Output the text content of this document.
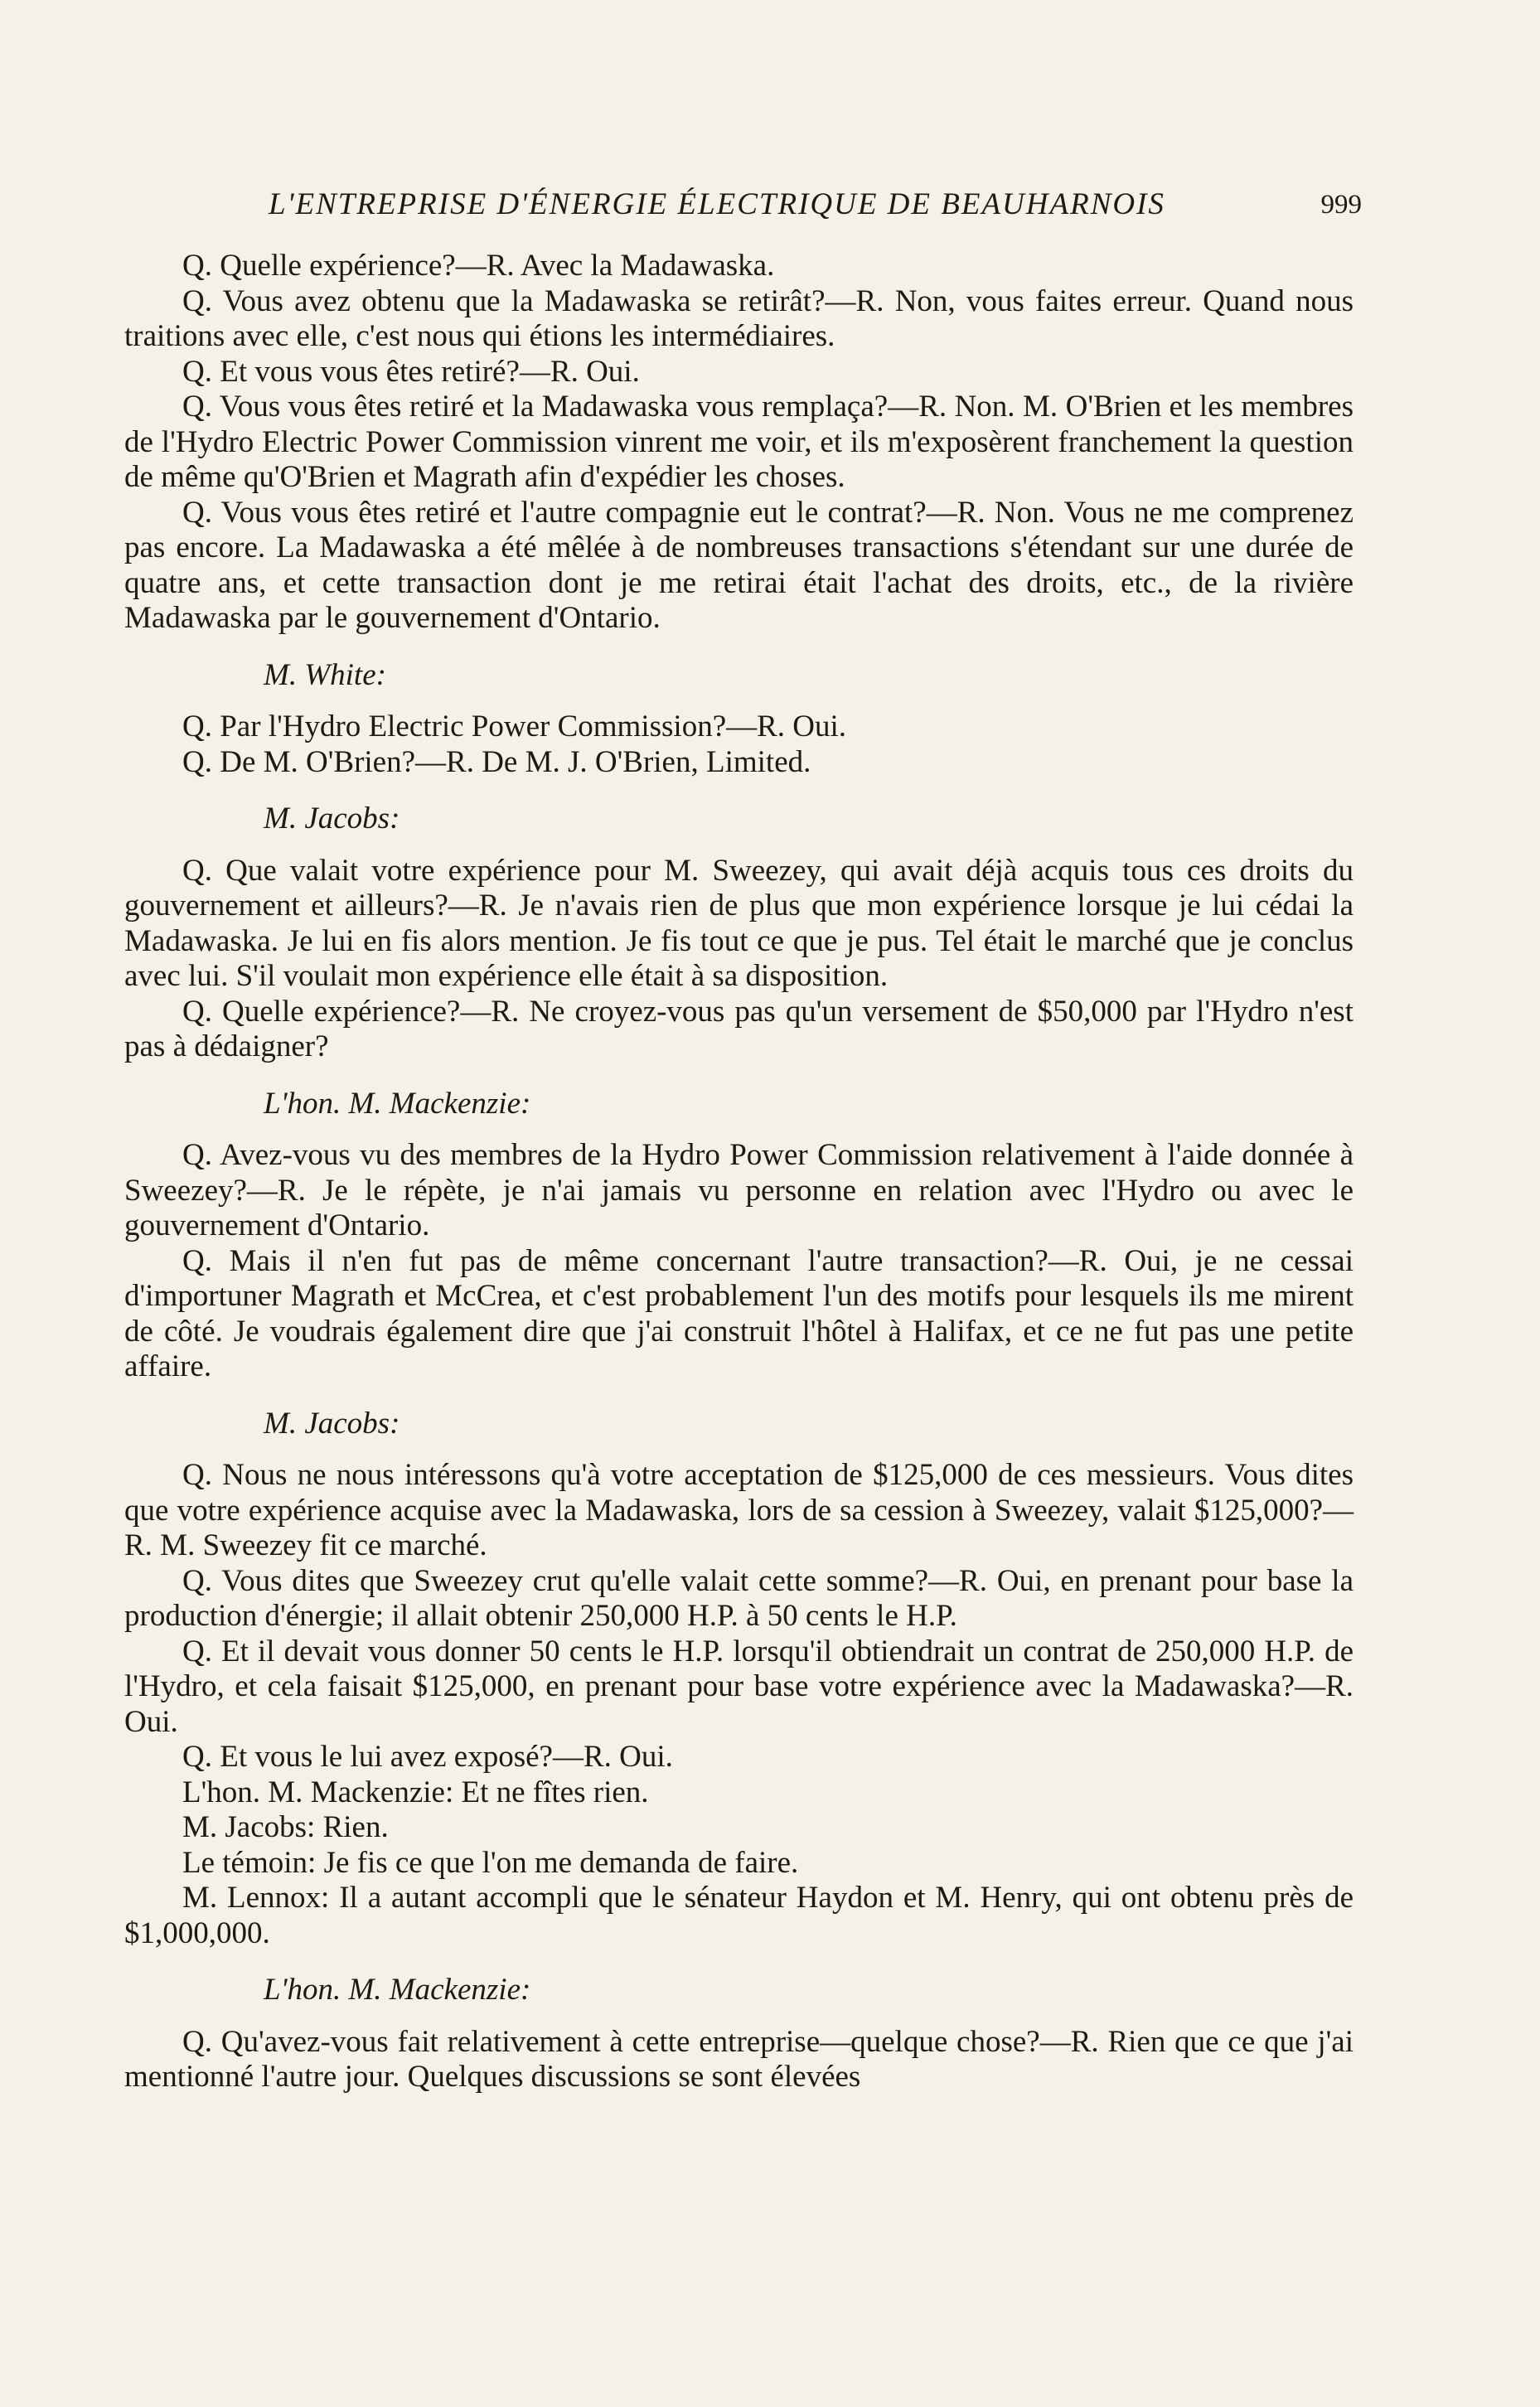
L'ENTREPRISE D'ÉNERGIE ÉLECTRIQUE DE BEAUHARNOIS	999

Q. Quelle expérience?—R. Avec la Madawaska.

Q. Vous avez obtenu que la Madawaska se retirât?—R. Non, vous faites erreur. Quand nous traitions avec elle, c'est nous qui étions les intermédiaires.

Q. Et vous vous êtes retiré?—R. Oui.

Q. Vous vous êtes retiré et la Madawaska vous remplaça?—R. Non. M. O'Brien et les membres de l'Hydro Electric Power Commission vinrent me voir, et ils m'exposèrent franchement la question de même qu'O'Brien et Magrath afin d'expédier les choses.

Q. Vous vous êtes retiré et l'autre compagnie eut le contrat?—R. Non. Vous ne me comprenez pas encore. La Madawaska a été mêlée à de nombreuses transactions s'étendant sur une durée de quatre ans, et cette transaction dont je me retirai était l'achat des droits, etc., de la rivière Madawaska par le gouvernement d'Ontario.

M. White:

Q. Par l'Hydro Electric Power Commission?—R. Oui.

Q. De M. O'Brien?—R. De M. J. O'Brien, Limited.

M. Jacobs:

Q. Que valait votre expérience pour M. Sweezey, qui avait déjà acquis tous ces droits du gouvernement et ailleurs?—R. Je n'avais rien de plus que mon expérience lorsque je lui cédai la Madawaska. Je lui en fis alors mention. Je fis tout ce que je pus. Tel était le marché que je conclus avec lui. S'il voulait mon expérience elle était à sa disposition.

Q. Quelle expérience?—R. Ne croyez-vous pas qu'un versement de $50,000 par l'Hydro n'est pas à dédaigner?

L'hon. M. Mackenzie:

Q. Avez-vous vu des membres de la Hydro Power Commission relativement à l'aide donnée à Sweezey?—R. Je le répète, je n'ai jamais vu personne en relation avec l'Hydro ou avec le gouvernement d'Ontario.

Q. Mais il n'en fut pas de même concernant l'autre transaction?—R. Oui, je ne cessai d'importuner Magrath et McCrea, et c'est probablement l'un des motifs pour lesquels ils me mirent de côté. Je voudrais également dire que j'ai construit l'hôtel à Halifax, et ce ne fut pas une petite affaire.

M. Jacobs:

Q. Nous ne nous intéressons qu'à votre acceptation de $125,000 de ces messieurs. Vous dites que votre expérience acquise avec la Madawaska, lors de sa cession à Sweezey, valait $125,000?—R. M. Sweezey fit ce marché.

Q. Vous dites que Sweezey crut qu'elle valait cette somme?—R. Oui, en prenant pour base la production d'énergie; il allait obtenir 250,000 H.P. à 50 cents le H.P.

Q. Et il devait vous donner 50 cents le H.P. lorsqu'il obtiendrait un contrat de 250,000 H.P. de l'Hydro, et cela faisait $125,000, en prenant pour base votre expérience avec la Madawaska?—R. Oui.

Q. Et vous le lui avez exposé?—R. Oui.

L'hon. M. Mackenzie: Et ne fîtes rien.

M. Jacobs: Rien.

Le témoin: Je fis ce que l'on me demanda de faire.

M. Lennox: Il a autant accompli que le sénateur Haydon et M. Henry, qui ont obtenu près de $1,000,000.

L'hon. M. Mackenzie:

Q. Qu'avez-vous fait relativement à cette entreprise—quelque chose?—R. Rien que ce que j'ai mentionné l'autre jour. Quelques discussions se sont élevées
